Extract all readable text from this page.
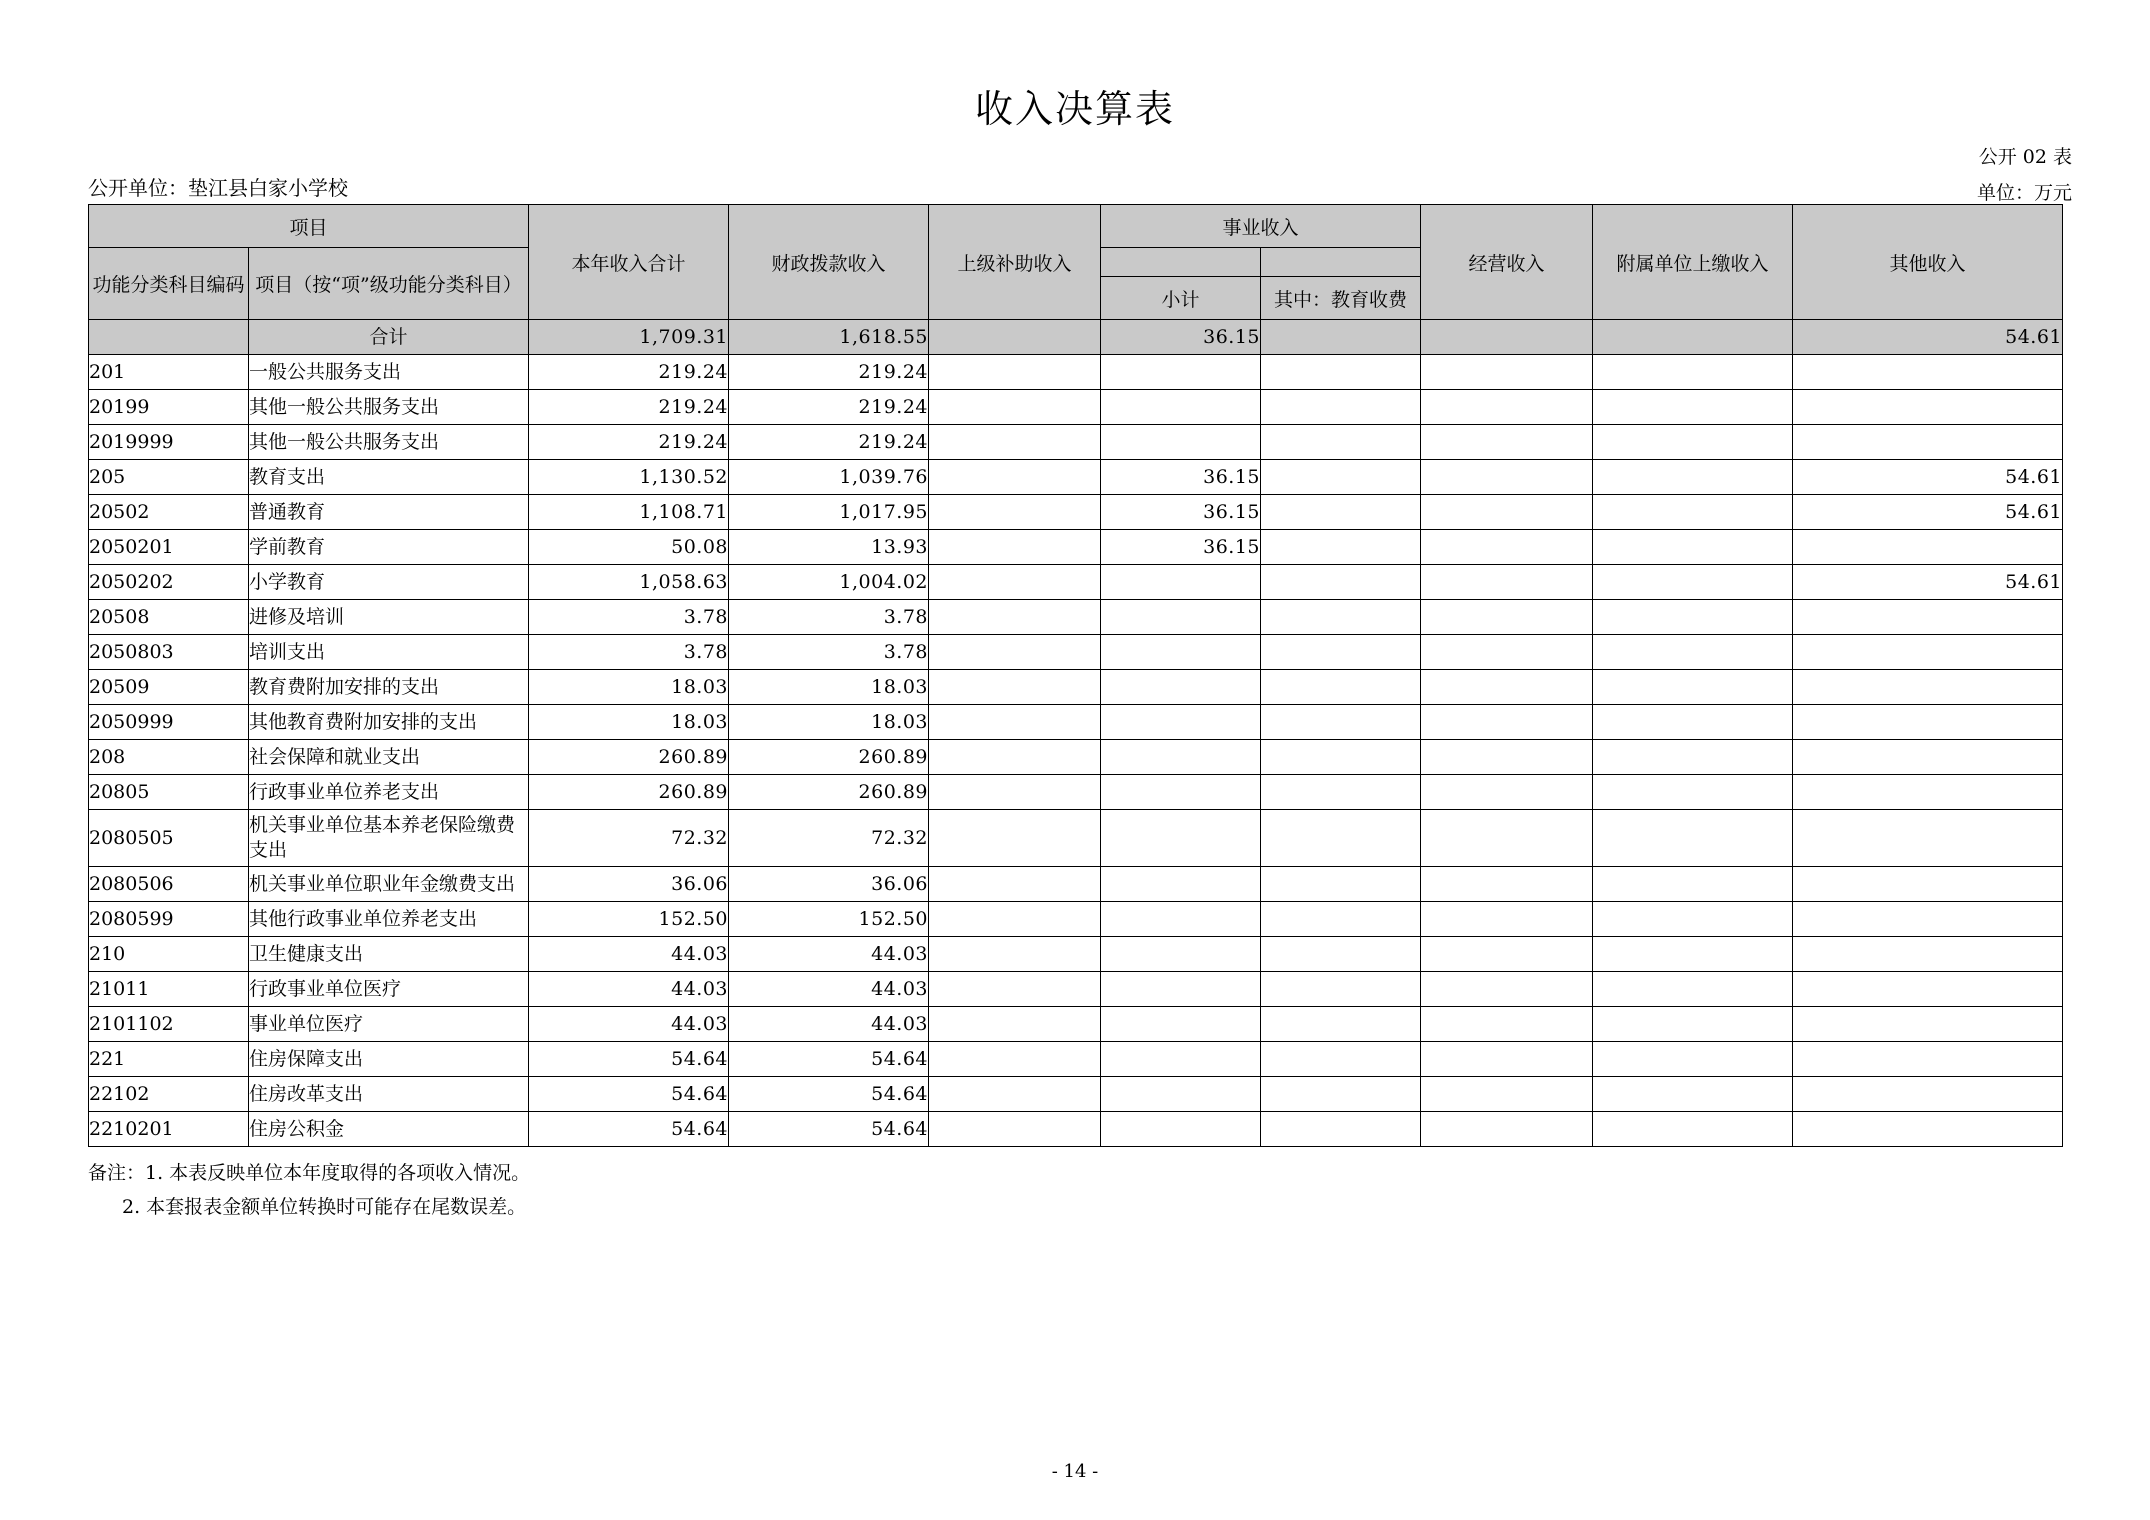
收入决算表
公开 02 表
单位：万元
公开单位：垫江县白家小学校
项目		本年收入合计	财政拨款收入	上级补助收入	事业收入		经营收入	附属单位上缴收入	其他收入
功能分类科目编码	项目（按“项”级功能分类科目）								
					小计	其中：教育收费			
	合计	1,709.31	1,618.55		36.15				54.61
201	一般公共服务支出	219.24	219.24						
20199	其他一般公共服务支出	219.24	219.24						
2019999	其他一般公共服务支出	219.24	219.24						
205	教育支出	1,130.52	1,039.76		36.15				54.61
20502	普通教育	1,108.71	1,017.95		36.15				54.61
2050201	学前教育	50.08	13.93		36.15				
2050202	小学教育	1,058.63	1,004.02						54.61
20508	进修及培训	3.78	3.78						
2050803	培训支出	3.78	3.78						
20509	教育费附加安排的支出	18.03	18.03						
2050999	其他教育费附加安排的支出	18.03	18.03						
208	社会保障和就业支出	260.89	260.89						
20805	行政事业单位养老支出	260.89	260.89						
2080505	机关事业单位基本养老保险缴费支出	72.32	72.32						
2080506	机关事业单位职业年金缴费支出	36.06	36.06						
2080599	其他行政事业单位养老支出	152.50	152.50						
210	卫生健康支出	44.03	44.03						
21011	行政事业单位医疗	44.03	44.03						
2101102	事业单位医疗	44.03	44.03						
221	住房保障支出	54.64	54.64						
22102	住房改革支出	54.64	54.64						
2210201	住房公积金	54.64	54.64						
备注：1. 本表反映单位本年度取得的各项收入情况。
2. 本套报表金额单位转换时可能存在尾数误差。
- 14 -
